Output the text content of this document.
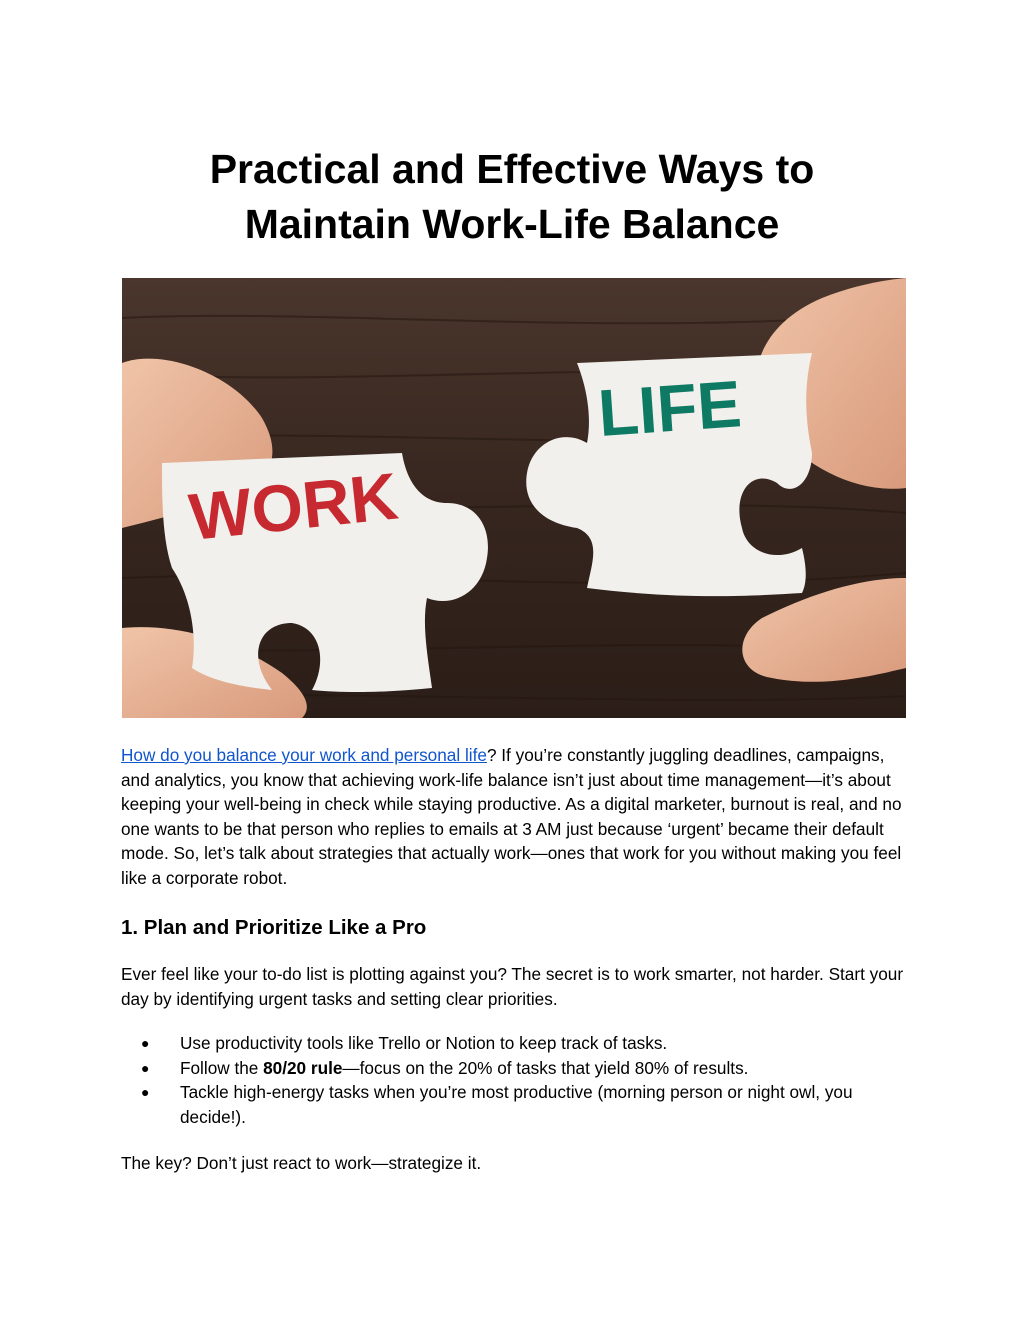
Practical and Effective Ways to
Maintain Work-Life Balance
WORK
LIFE

How do you balance your work and personal life? If you’re constantly juggling deadlines, campaigns, and analytics, you know that achieving work-life balance isn’t just about time management—it’s about keeping your well-being in check while staying productive. As a digital marketer, burnout is real, and no one wants to be that person who replies to emails at 3 AM just because ‘urgent’ became their default mode. So, let’s talk about strategies that actually work—ones that work for you without making you feel like a corporate robot.

1. Plan and Prioritize Like a Pro

Ever feel like your to-do list is plotting against you? The secret is to work smarter, not harder. Start your day by identifying urgent tasks and setting clear priorities.

● Use productivity tools like Trello or Notion to keep track of tasks.
● Follow the 80/20 rule—focus on the 20% of tasks that yield 80% of results.
● Tackle high-energy tasks when you’re most productive (morning person or night owl, you decide!).

The key? Don’t just react to work—strategize it.
